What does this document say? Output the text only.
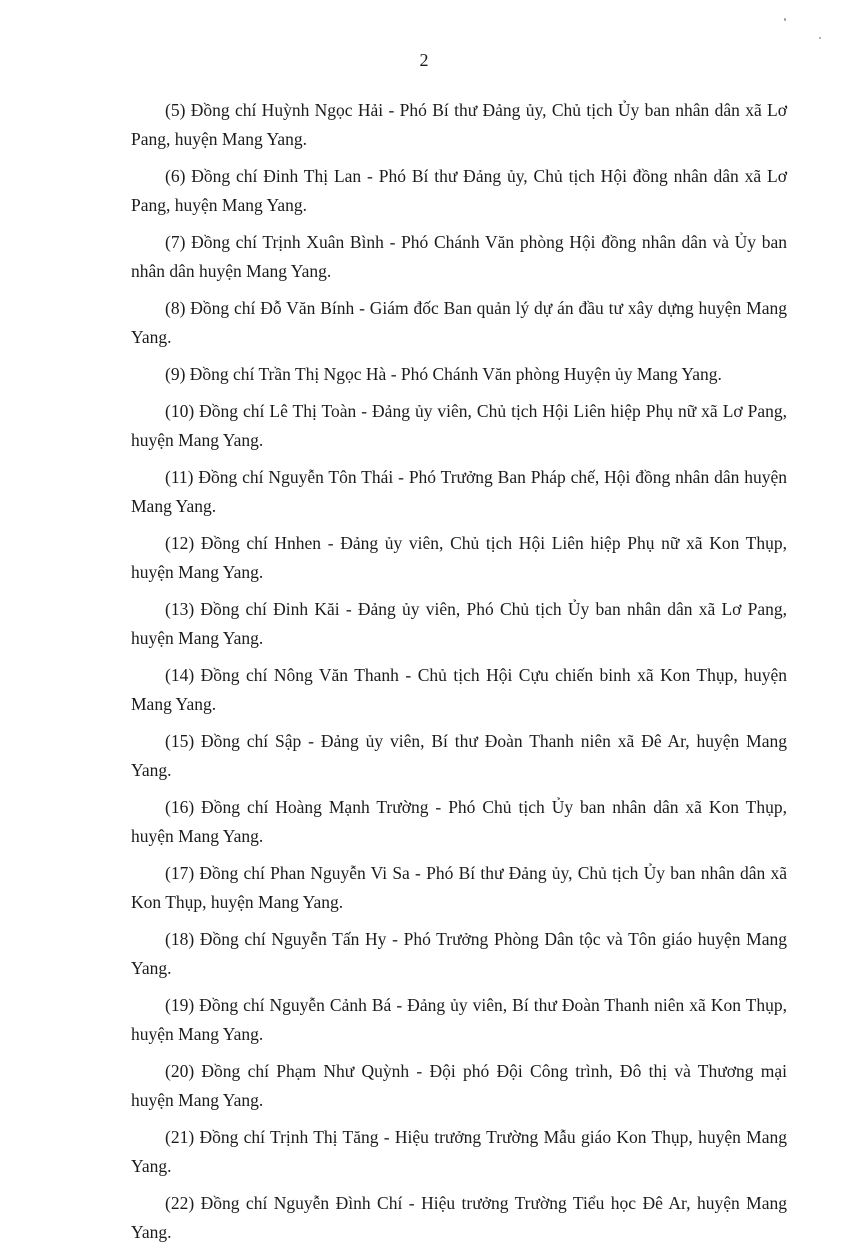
2

(5) Đồng chí Huỳnh Ngọc Hải - Phó Bí thư Đảng ủy, Chủ tịch Ủy ban nhân dân xã Lơ Pang, huyện Mang Yang.

(6) Đồng chí Đinh Thị Lan - Phó Bí thư Đảng ủy, Chủ tịch Hội đồng nhân dân xã Lơ Pang, huyện Mang Yang.

(7) Đồng chí Trịnh Xuân Bình - Phó Chánh Văn phòng Hội đồng nhân dân và Ủy ban nhân dân huyện Mang Yang.

(8) Đồng chí Đỗ Văn Bính - Giám đốc Ban quản lý dự án đầu tư xây dựng huyện Mang Yang.

(9) Đồng chí Trần Thị Ngọc Hà - Phó Chánh Văn phòng Huyện ủy Mang Yang.

(10) Đồng chí Lê Thị Toàn - Đảng ủy viên, Chủ tịch Hội Liên hiệp Phụ nữ xã Lơ Pang, huyện Mang Yang.

(11) Đồng chí Nguyễn Tôn Thái - Phó Trưởng Ban Pháp chế, Hội đồng nhân dân huyện Mang Yang.

(12) Đồng chí Hnhen - Đảng ủy viên, Chủ tịch Hội Liên hiệp Phụ nữ xã Kon Thụp, huyện Mang Yang.

(13) Đồng chí Đinh Kăi - Đảng ủy viên, Phó Chủ tịch Ủy ban nhân dân xã Lơ Pang, huyện Mang Yang.

(14) Đồng chí Nông Văn Thanh - Chủ tịch Hội Cựu chiến binh xã Kon Thụp, huyện Mang Yang.

(15) Đồng chí Sập - Đảng ủy viên, Bí thư Đoàn Thanh niên xã Đê Ar, huyện Mang Yang.

(16) Đồng chí Hoàng Mạnh Trường - Phó Chủ tịch Ủy ban nhân dân xã Kon Thụp, huyện Mang Yang.

(17) Đồng chí Phan Nguyễn Vi Sa - Phó Bí thư Đảng ủy, Chủ tịch Ủy ban nhân dân xã Kon Thụp, huyện Mang Yang.

(18) Đồng chí Nguyễn Tấn Hy - Phó Trưởng Phòng Dân tộc và Tôn giáo huyện Mang Yang.

(19) Đồng chí Nguyễn Cảnh Bá - Đảng ủy viên, Bí thư Đoàn Thanh niên xã Kon Thụp, huyện Mang Yang.

(20) Đồng chí Phạm Như Quỳnh - Đội phó Đội Công trình, Đô thị và Thương mại huyện Mang Yang.

(21) Đồng chí Trịnh Thị Tăng - Hiệu trưởng Trường Mẫu giáo Kon Thụp, huyện Mang Yang.

(22) Đồng chí Nguyễn Đình Chí - Hiệu trưởng Trường Tiểu học Đê Ar, huyện Mang Yang.
